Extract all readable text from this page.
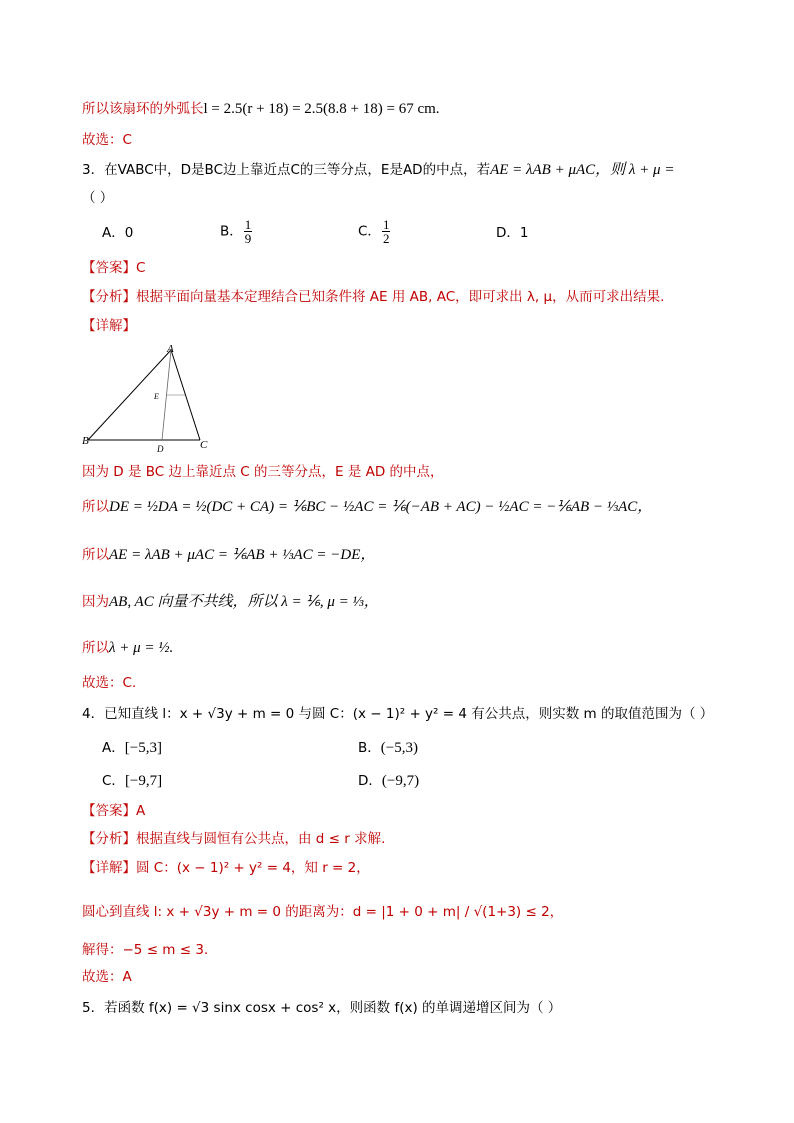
所以该扇环的外弧长l = 2.5(r + 18) = 2.5(8.8 + 18) = 67 cm.
故选：C
3．在VABC中，D是BC边上靠近点C的三等分点，E是AD的中点，若AE = λAB + μAC，则 λ + μ =
（ ）
A．0	B． $\frac{1}{9}$	C． $\frac{1}{2}$	D．1
【答案】C
【分析】根据平面向量基本定理结合已知条件将 AE 用 AB, AC，即可求出 λ, μ，从而可求出结果.
【详解】
A
B	C
D
E
因为 D 是 BC 边上靠近点 C 的三等分点，E 是 AD 的中点，
所以DE = ½DA = ½(DC + CA) = ⅙BC − ½AC = ⅙(−AB + AC) − ½AC = −⅙AB − ⅓AC，
所以AE = λAB + μAC = ⅙AB + ⅓AC = −DE，
因为AB, AC 向量不共线，所以 λ = ⅙, μ = ⅓，
所以λ + μ = ½.
故选：C.
4．已知直线 l：x + √3y + m = 0 与圆 C：(x − 1)² + y² = 4 有公共点，则实数 m 的取值范围为（ ）
A．[−5,3]	B．(−5,3)
C．[−9,7]	D．(−9,7)
【答案】A
【分析】根据直线与圆恒有公共点，由 d ≤ r 求解.
【详解】圆 C：(x − 1)² + y² = 4，知 r = 2，
圆心到直线 l: x + √3y + m = 0 的距离为：d = |1 + 0 + m| / √(1+3) ≤ 2，
解得：−5 ≤ m ≤ 3.
故选：A
5．若函数 f(x) = √3 sinx cosx + cos² x，则函数 f(x) 的单调递增区间为（ ）
